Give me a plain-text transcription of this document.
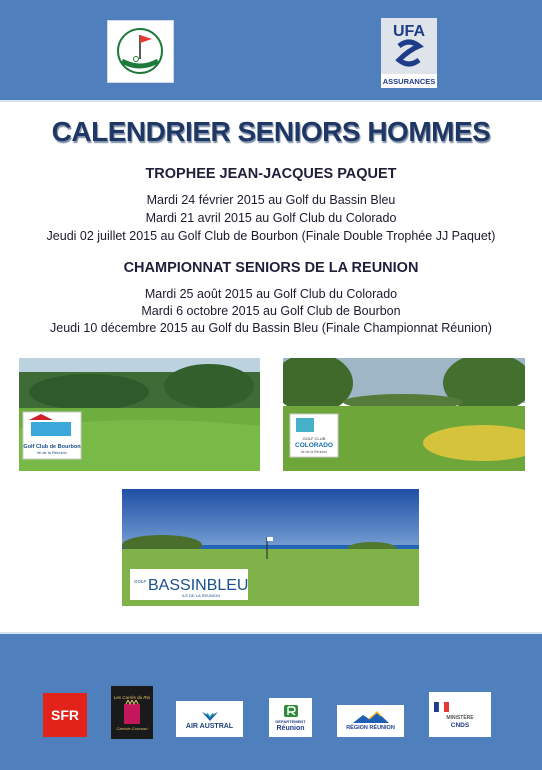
UFA
ASSURANCES
CALENDRIER SENIORS HOMMES
TROPHEE JEAN-JACQUES PAQUET
Mardi 24 février 2015 au Golf du Bassin Bleu
Mardi 21 avril 2015 au Golf Club du Colorado
Jeudi 02 juillet 2015 au Golf Club de Bourbon (Finale Double Trophée JJ Paquet)
CHAMPIONNAT SENIORS DE LA REUNION
Mardi 25 août 2015 au Golf Club du Colorado
Mardi 6 octobre 2015 au Golf Club de Bourbon
Jeudi 10 décembre 2015 au Golf du Bassin Bleu (Finale Championnat Réunion)
Golf Club de Bourbon
ile de la Réunion
GOLF CLUB
COLORADO
Ile de la Réunion
GOLF BASSINBLEU
ILE DE LA REUNION
SFR
Les Carrés du Roi
Carriole-Coursaci	AIR AUSTRAL
DÉPARTEMENT
Réunion	RÉGION RÉUNION
MINISTÈRE
CNDS
